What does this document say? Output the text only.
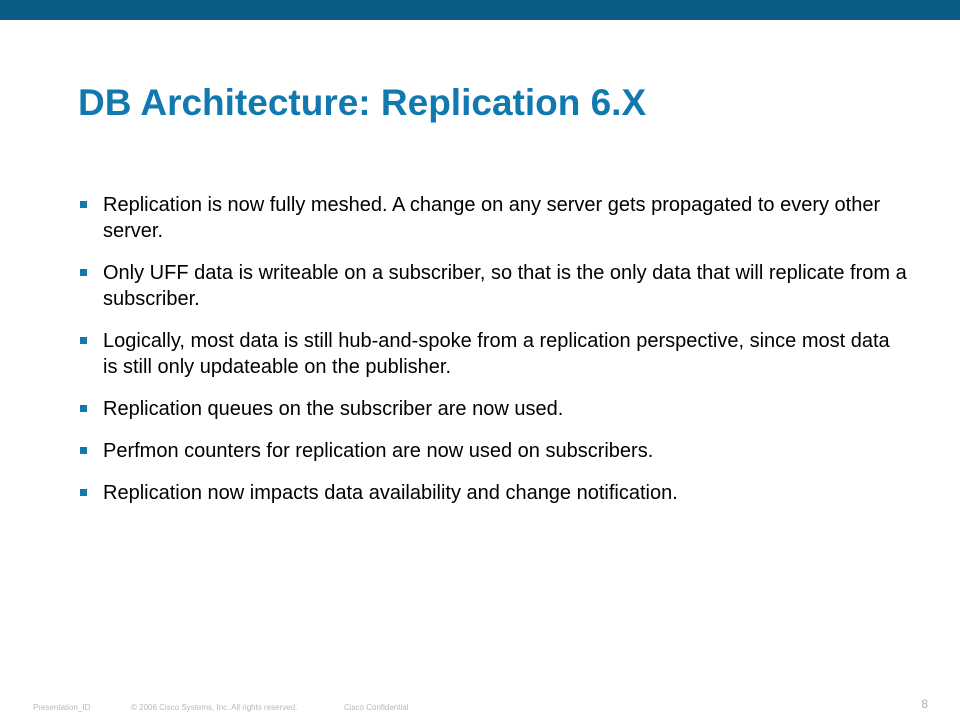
DB Architecture: Replication 6.X
Replication is now fully meshed. A change on any server gets propagated to every other server.
Only UFF data is writeable on a subscriber, so that is the only data that will replicate from a subscriber.
Logically, most data is still hub-and-spoke from a replication perspective, since most data is still only updateable on the publisher.
Replication queues on the subscriber are now used.
Perfmon counters for replication are now used on subscribers.
Replication now impacts data availability and change notification.
Presentation_ID	© 2006 Cisco Systems, Inc. All rights reserved.	Cisco Confidential	8
